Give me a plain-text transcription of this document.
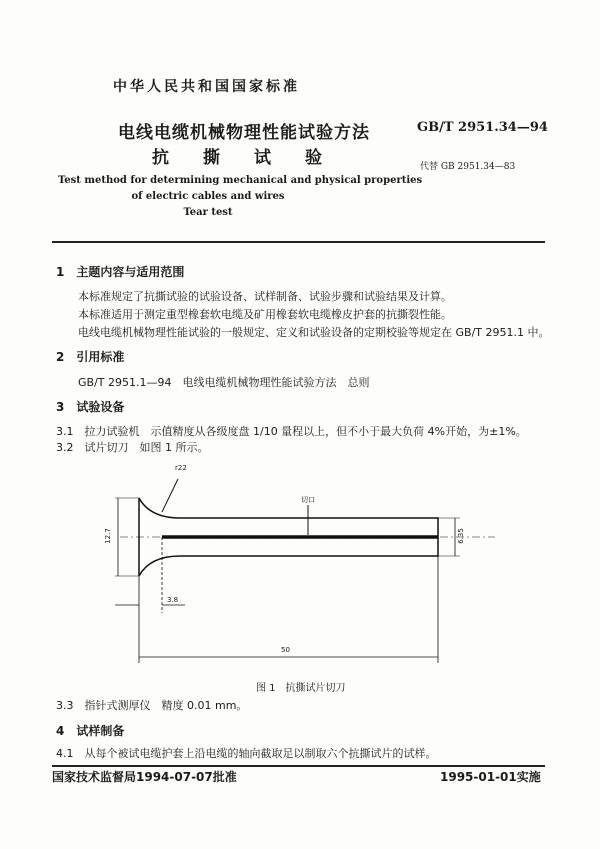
中华人民共和国国家标准
电线电缆机械物理性能试验方法
抗　　撕　　试　　验
GB/T 2951.34—94
代替 GB 2951.34—83
Test method for determining mechanical and physical properties
of electric cables and wires
Tear test
1　主题内容与适用范围
本标准规定了抗撕试验的试验设备、试样制备、试验步骤和试验结果及计算。
本标准适用于测定重型橡套软电缆及矿用橡套软电缆橡皮护套的抗撕裂性能。
电线电缆机械物理性能试验的一般规定、定义和试验设备的定期校验等规定在 GB/T 2951.1 中。
2　引用标准
GB/T 2951.1—94　电线电缆机械物理性能试验方法　总则
3　试验设备
3.1　拉力试验机　示值精度从各级度盘 1/10 量程以上，但不小于最大负荷 4%开始，为±1%。
3.2　试片切刀　如图 1 所示。
r22
切口
12.7	6.35
3.8
50
图 1　抗撕试片切刀
3.3　指针式测厚仪　精度 0.01 mm。
4　试样制备
4.1　从每个被试电缆护套上沿电缆的轴向截取足以制取六个抗撕试片的试样。
国家技术监督局1994-07-07批准	1995-01-01实施
